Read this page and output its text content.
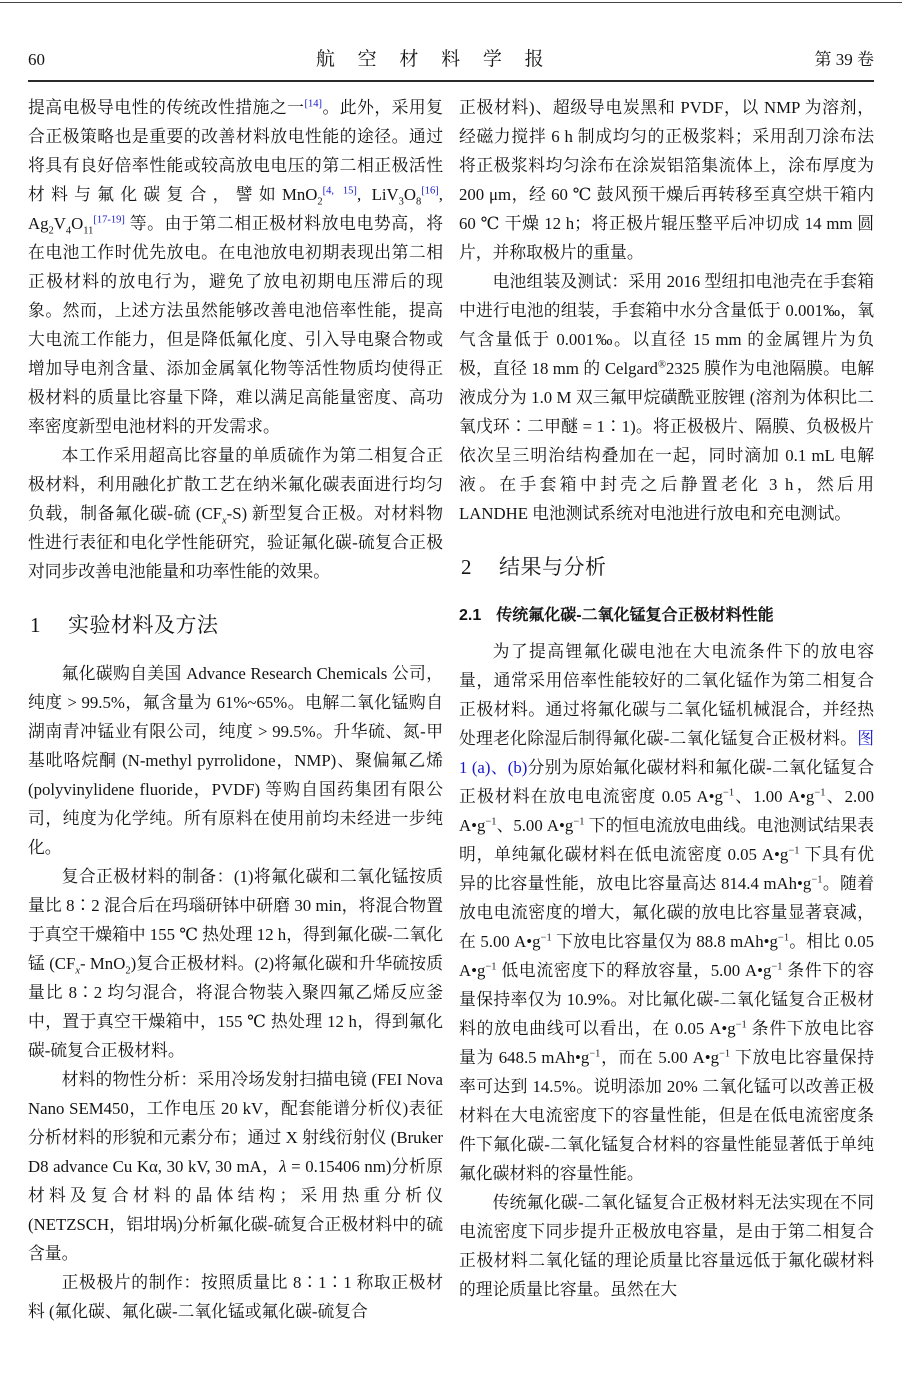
60	航 空 材 料 学 报	第 39 卷

提高电极导电性的传统改性措施之一[14]。此外，采用复合正极策略也是重要的改善材料放电性能的途径。通过将具有良好倍率性能或较高放电电压的第二相正极活性材料与氟化碳复合，譬如MnO$_2$[4, 15], $LiV_3O_8[16]$, $Ag_2V_4O_{11}[17-19]$ 等。由于第二相正极材料放电电势高，将在电池工作时优先放电。在电池放电初期表现出第二相正极材料的放电行为，避免了放电初期电压滞后的现象。然而，上述方法虽然能够改善电池倍率性能，提高大电流工作能力，但是降低氟化度、引入导电聚合物或增加导电剂含量、添加金属氧化物等活性物质均使得正极材料的质量比容量下降，难以满足高能量密度、高功率密度新型电池材料的开发需求。

本工作采用超高比容量的单质硫作为第二相复合正极材料，利用融化扩散工艺在纳米氟化碳表面进行均匀负载，制备氟化碳-硫 $(CF_x-S)$ 新型复合正极。对材料物性进行表征和电化学性能研究，验证氟化碳-硫复合正极对同步改善电池能量和功率性能的效果。

1 实验材料及方法

氟化碳购自美国 Advance Research Chemicals 公司，纯度 > 99.5%，氟含量为 61%~65%。电解二氧化锰购自湖南青冲锰业有限公司，纯度 > 99.5%。升华硫、氮-甲基吡咯烷酮 (N-methyl pyrrolidone，NMP)、聚偏氟乙烯 (polyvinylidene fluoride，PVDF) 等购自国药集团有限公司，纯度为化学纯。所有原料在使用前均未经进一步纯化。

复合正极材料的制备：(1)将氟化碳和二氧化锰按质量比 8∶2 混合后在玛瑙研钵中研磨 30 min，将混合物置于真空干燥箱中 155 ℃ 热处理 12 h，得到氟化碳-二氧化锰 ($CF_x-$ MnO$_2$)复合正极材料。(2)将氟化碳和升华硫按质量比 8∶2 均匀混合，将混合物装入聚四氟乙烯反应釜中，置于真空干燥箱中，155 ℃ 热处理 12 h，得到氟化碳-硫复合正极材料。

材料的物性分析：采用冷场发射扫描电镜 (FEI Nova Nano SEM450，工作电压 20 kV，配套能谱分析仪)表征分析材料的形貌和元素分布；通过 X 射线衍射仪 (Bruker D8 advance Cu Kα, 30 kV, 30 mA，λ = 0.15406 nm)分析原材料及复合材料的晶体结构；采用热重分析仪 (NETZSCH，铝坩埚)分析氟化碳-硫复合正极材料中的硫含量。

正极极片的制作：按照质量比 8∶1∶1 称取正极材料 (氟化碳、氟化碳-二氧化锰或氟化碳-硫复合

正极材料)、超级导电炭黑和 PVDF，以 NMP 为溶剂，经磁力搅拌 6 h 制成均匀的正极浆料；采用刮刀涂布法将正极浆料均匀涂布在涂炭铝箔集流体上，涂布厚度为 200 μm，经 60 ℃ 鼓风预干燥后再转移至真空烘干箱内 60 ℃ 干燥 12 h；将正极片辊压整平后冲切成 14 mm 圆片，并称取极片的重量。

电池组装及测试：采用 2016 型纽扣电池壳在手套箱中进行电池的组装，手套箱中水分含量低于 0.001‰，氧气含量低于 0.001‰。以直径 15 mm 的金属锂片为负极，直径 18 mm 的 Celgard®2325 膜作为电池隔膜。电解液成分为 1.0 M 双三氟甲烷磺酰亚胺锂 (溶剂为体积比二氧戊环∶二甲醚 = 1∶1)。将正极极片、隔膜、负极极片依次呈三明治结构叠加在一起，同时滴加 0.1 mL 电解液。在手套箱中封壳之后静置老化 3 h，然后用 LANDHE 电池测试系统对电池进行放电和充电测试。

2 结果与分析
2.1 传统氟化碳-二氧化锰复合正极材料性能

为了提高锂氟化碳电池在大电流条件下的放电容量，通常采用倍率性能较好的二氧化锰作为第二相复合正极材料。通过将氟化碳与二氧化锰机械混合，并经热处理老化除湿后制得氟化碳-二氧化锰复合正极材料。图 1 (a)、(b)分别为原始氟化碳材料和氟化碳-二氧化锰复合正极材料在放电电流密度 0.05 $A•g^{-1}$、1.00 $A•g^{-1}$、2.00 $A•g^{-1}$、5.00 $A•g^{-1}$ 下的恒电流放电曲线。电池测试结果表明，单纯氟化碳材料在低电流密度 0.05 $A•g^{-1}$ 下具有优异的比容量性能，放电比容量高达 814.4 $mAh•g^{-1}$。随着放电电流密度的增大，氟化碳的放电比容量显著衰减，在 5.00 $A•g^{-1}$ 下放电比容量仅为 88.8 $mAh•g^{-1}$。相比 0.05 $A•g^{-1}$ 低电流密度下的释放容量，5.00 $A•g^{-1}$ 条件下的容量保持率仅为 10.9%。对比氟化碳-二氧化锰复合正极材料的放电曲线可以看出，在 0.05 $A•g^{-1}$ 条件下放电比容量为 648.5 $mAh•g^{-1}$，而在 5.00 $A•g^{-1}$ 下放电比容量保持率可达到 14.5%。说明添加 20% 二氧化锰可以改善正极材料在大电流密度下的容量性能，但是在低电流密度条件下氟化碳-二氧化锰复合材料的容量性能显著低于单纯氟化碳材料的容量性能。

传统氟化碳-二氧化锰复合正极材料无法实现在不同电流密度下同步提升正极放电容量，是由于第二相复合正极材料二氧化锰的理论质量比容量远低于氟化碳材料的理论质量比容量。虽然在大
